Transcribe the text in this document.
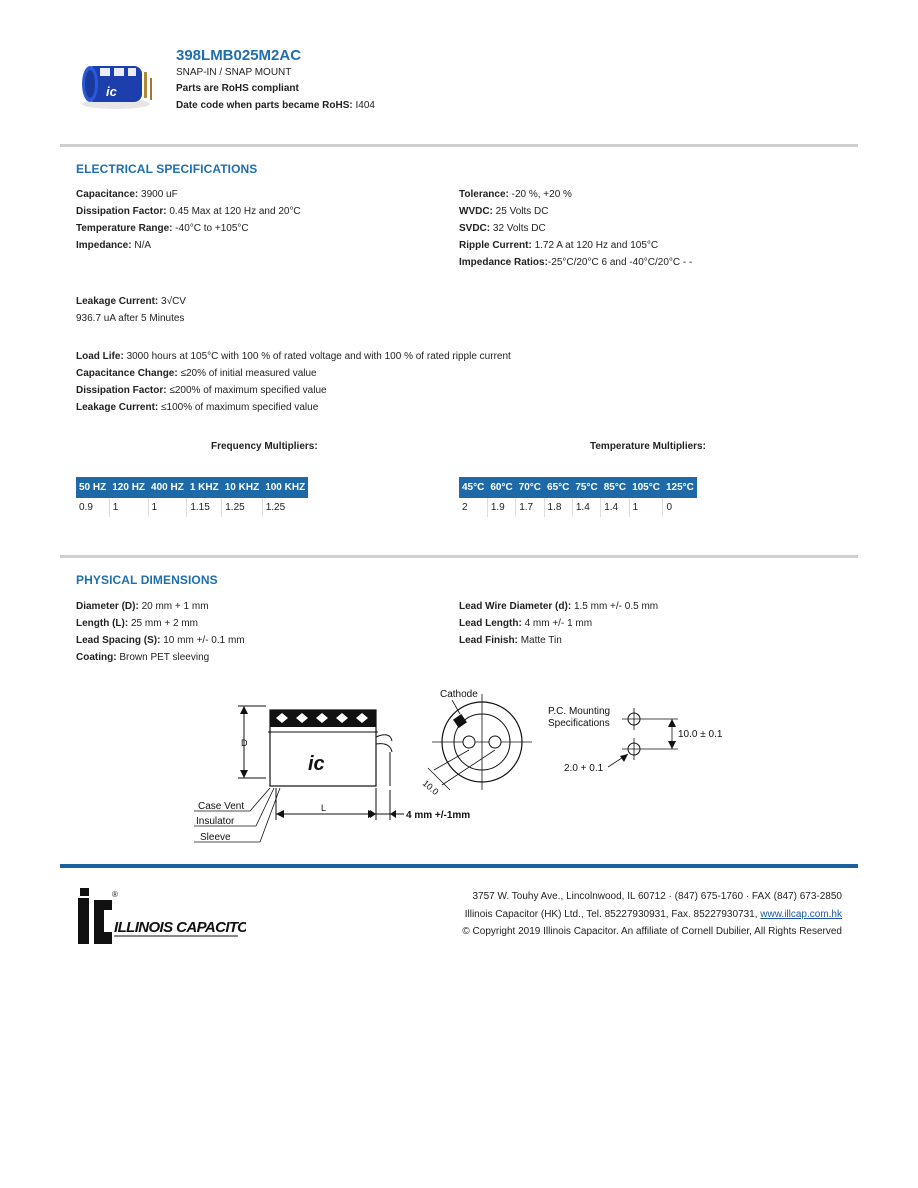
ic
398LMB025M2AC
SNAP-IN / SNAP MOUNT
Parts are RoHS compliant
Date code when parts became RoHS: I404
ELECTRICAL SPECIFICATIONS
Capacitance: 3900 uF
Dissipation Factor: 0.45 Max at 120 Hz and 20°C
Temperature Range: -40°C to +105°C
Impedance: N/A
Tolerance: -20 %, +20 %
WVDC: 25 Volts DC
SVDC: 32 Volts DC
Ripple Current: 1.72 A at 120 Hz and 105°C
Impedance Ratios:-25°C/20°C 6 and -40°C/20°C - -
Leakage Current: 3√CV
936.7 uA after 5 Minutes
Load Life: 3000 hours at 105°C with 100 % of rated voltage and with 100 % of rated ripple current
Capacitance Change: ≤20% of initial measured value
Dissipation Factor: ≤200% of maximum specified value
Leakage Current: ≤100% of maximum specified value
Frequency Multipliers:	Temperature Multipliers:
50 HZ	120 HZ	400 HZ	1 KHZ	10 KHZ	100 KHZ
0.9	1	1	1.15	1.25	1.25
45°C	60°C	70°C	65°C	75°C	85°C	105°C	125°C
2	1.9	1.7	1.8	1.4	1.4	1	0
PHYSICAL DIMENSIONS
Diameter (D): 20 mm + 1 mm
Length (L): 25 mm + 2 mm
Lead Spacing (S): 10 mm +/- 0.1 mm
Coating: Brown PET sleeving
Lead Wire Diameter (d): 1.5 mm +/- 0.5 mm
Lead Length: 4 mm +/- 1 mm
Lead Finish: Matte Tin
ic
D
L
4 mm +/-1mm
Case Vent
Insulator
Sleeve
10.0
Cathode
P.C. Mounting
Specifications
10.0 ± 0.1
2.0 + 0.1
®
ILLINOIS CAPACITOR
3757 W. Touhy Ave., Lincolnwood, IL 60712 · (847) 675-1760 · FAX (847) 673-2850
Illinois Capacitor (HK) Ltd., Tel. 85227930931, Fax. 85227930731, www.illcap.com.hk
© Copyright 2019 Illinois Capacitor. An affiliate of Cornell Dubilier, All Rights Reserved
